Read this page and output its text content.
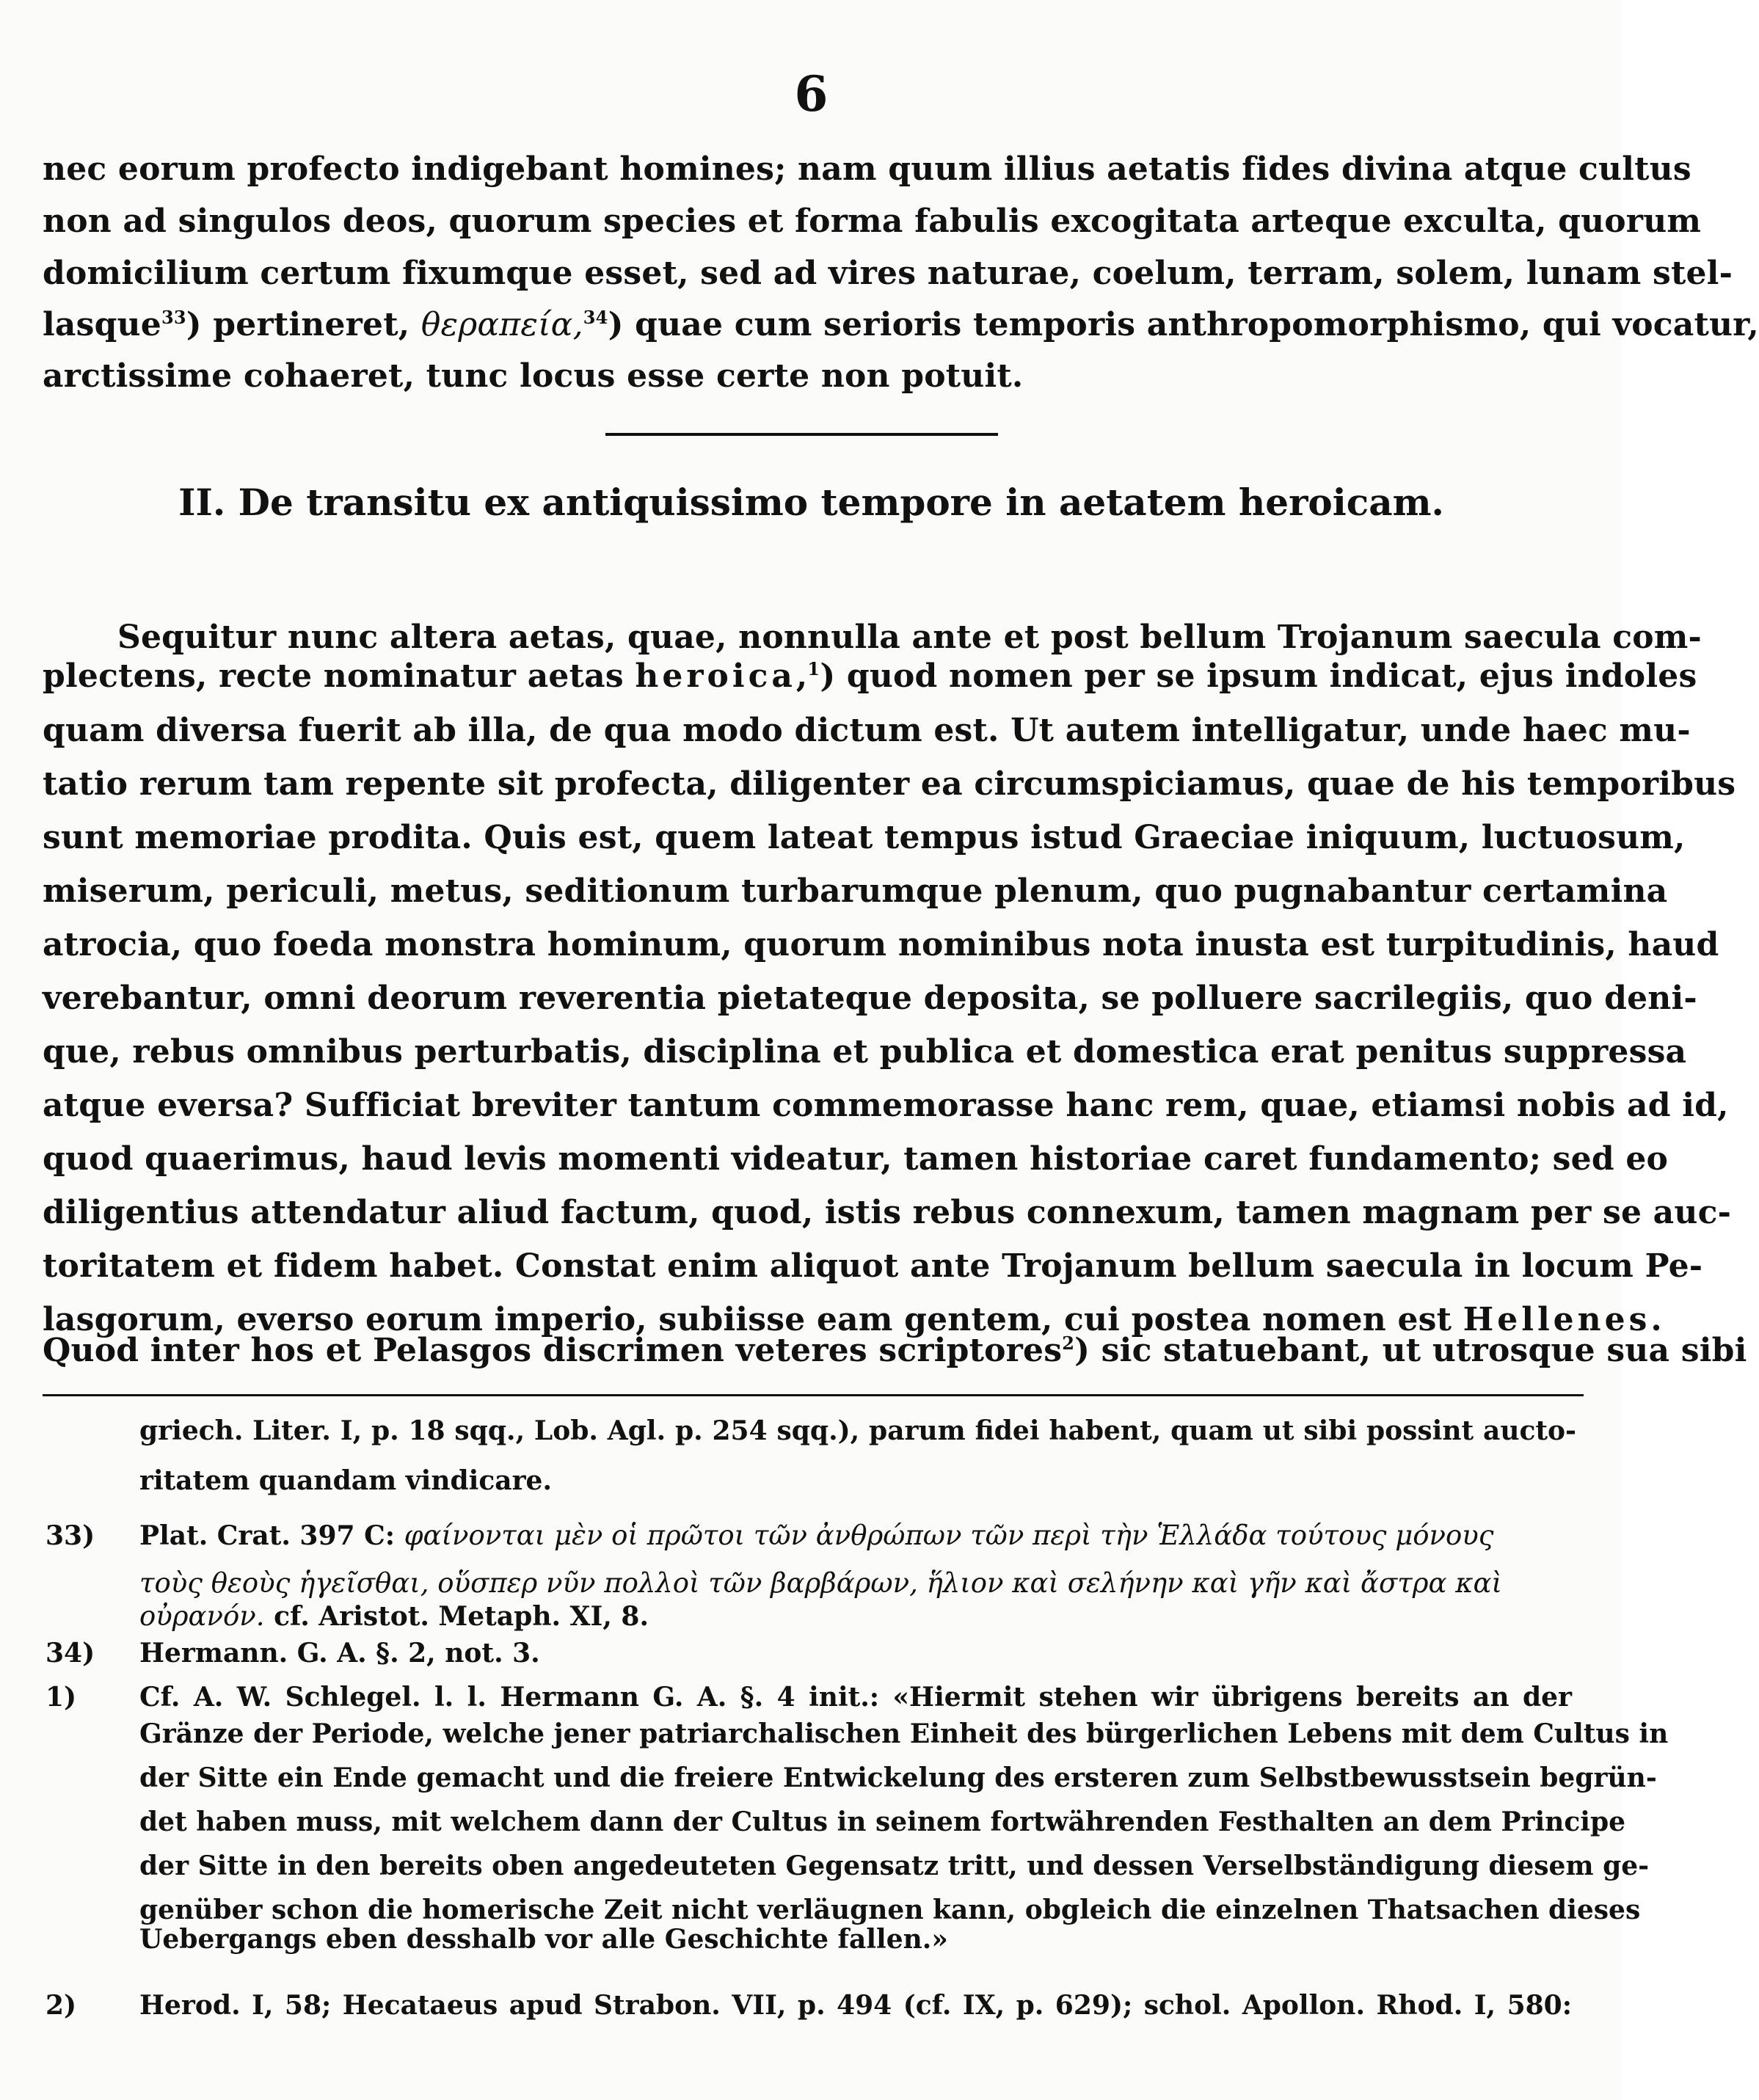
6
nec eorum profecto indigebant homines; nam quum illius aetatis fides divina atque cultus
non ad singulos deos, quorum species et forma fabulis excogitata arteque exculta, quorum
domicilium certum fixumque esset, sed ad vires naturae, coelum, terram, solem, lunam stel-
lasque$^{33}$) pertineret, θεραπεία,$^{34}$) quae cum serioris temporis anthropomorphismo, qui vocatur,
arctissime cohaeret, tunc locus esse certe non potuit.
II. De transitu ex antiquissimo tempore in aetatem heroicam.
Sequitur nunc altera aetas, quae, nonnulla ante et post bellum Trojanum saecula com-
plectens, recte nominatur aetas heroica,$^1$) quod nomen per se ipsum indicat, ejus indoles
quam diversa fuerit ab illa, de qua modo dictum est. Ut autem intelligatur, unde haec mu-
tatio rerum tam repente sit profecta, diligenter ea circumspiciamus, quae de his temporibus
sunt memoriae prodita. Quis est, quem lateat tempus istud Graeciae iniquum, luctuosum,
miserum, periculi, metus, seditionum turbarumque plenum, quo pugnabantur certamina
atrocia, quo foeda monstra hominum, quorum nominibus nota inusta est turpitudinis, haud
verebantur, omni deorum reverentia pietateque deposita, se polluere sacrilegiis, quo deni-
que, rebus omnibus perturbatis, disciplina et publica et domestica erat penitus suppressa
atque eversa? Sufficiat breviter tantum commemorasse hanc rem, quae, etiamsi nobis ad id,
quod quaerimus, haud levis momenti videatur, tamen historiae caret fundamento; sed eo
diligentius attendatur aliud factum, quod, istis rebus connexum, tamen magnam per se auc-
toritatem et fidem habet. Constat enim aliquot ante Trojanum bellum saecula in locum Pe-
lasgorum, everso eorum imperio, subiisse eam gentem, cui postea nomen est Hellenes.
Quod inter hos et Pelasgos discrimen veteres scriptores$^2$) sic statuebant, ut utrosque sua sibi
griech. Liter. I, p. 18 sqq., Lob. Agl. p. 254 sqq.), parum fidei habent, quam ut sibi possint aucto-
ritatem quandam vindicare.
33) Plat. Crat. 397 C: φαίνονται μὲν οἱ πρῶτοι τῶν ἀνθρώπων τῶν περὶ τὴν Ἑλλάδα τούτους μόνους
τοὺς θεοὺς ἡγεῖσθαι, οὕσπερ νῦν πολλοὶ τῶν βαρβάρων, ἥλιον καὶ σελήνην καὶ γῆν καὶ ἄστρα καὶ
οὐρανόν. cf. Aristot. Metaph. XI, 8.
34) Hermann. G. A. §. 2, not. 3.
1) Cf. A. W. Schlegel. l. l. Hermann G. A. §. 4 init.: «Hiermit stehen wir übrigens bereits an der
Gränze der Periode, welche jener patriarchalischen Einheit des bürgerlichen Lebens mit dem Cultus in
der Sitte ein Ende gemacht und die freiere Entwickelung des ersteren zum Selbstbewusstsein begrün-
det haben muss, mit welchem dann der Cultus in seinem fortwährenden Festhalten an dem Principe
der Sitte in den bereits oben angedeuteten Gegensatz tritt, und dessen Verselbständigung diesem ge-
genüber schon die homerische Zeit nicht verläugnen kann, obgleich die einzelnen Thatsachen dieses
Uebergangs eben desshalb vor alle Geschichte fallen.»
2) Herod. I, 58; Hecataeus apud Strabon. VII, p. 494 (cf. IX, p. 629); schol. Apollon. Rhod. I, 580:
